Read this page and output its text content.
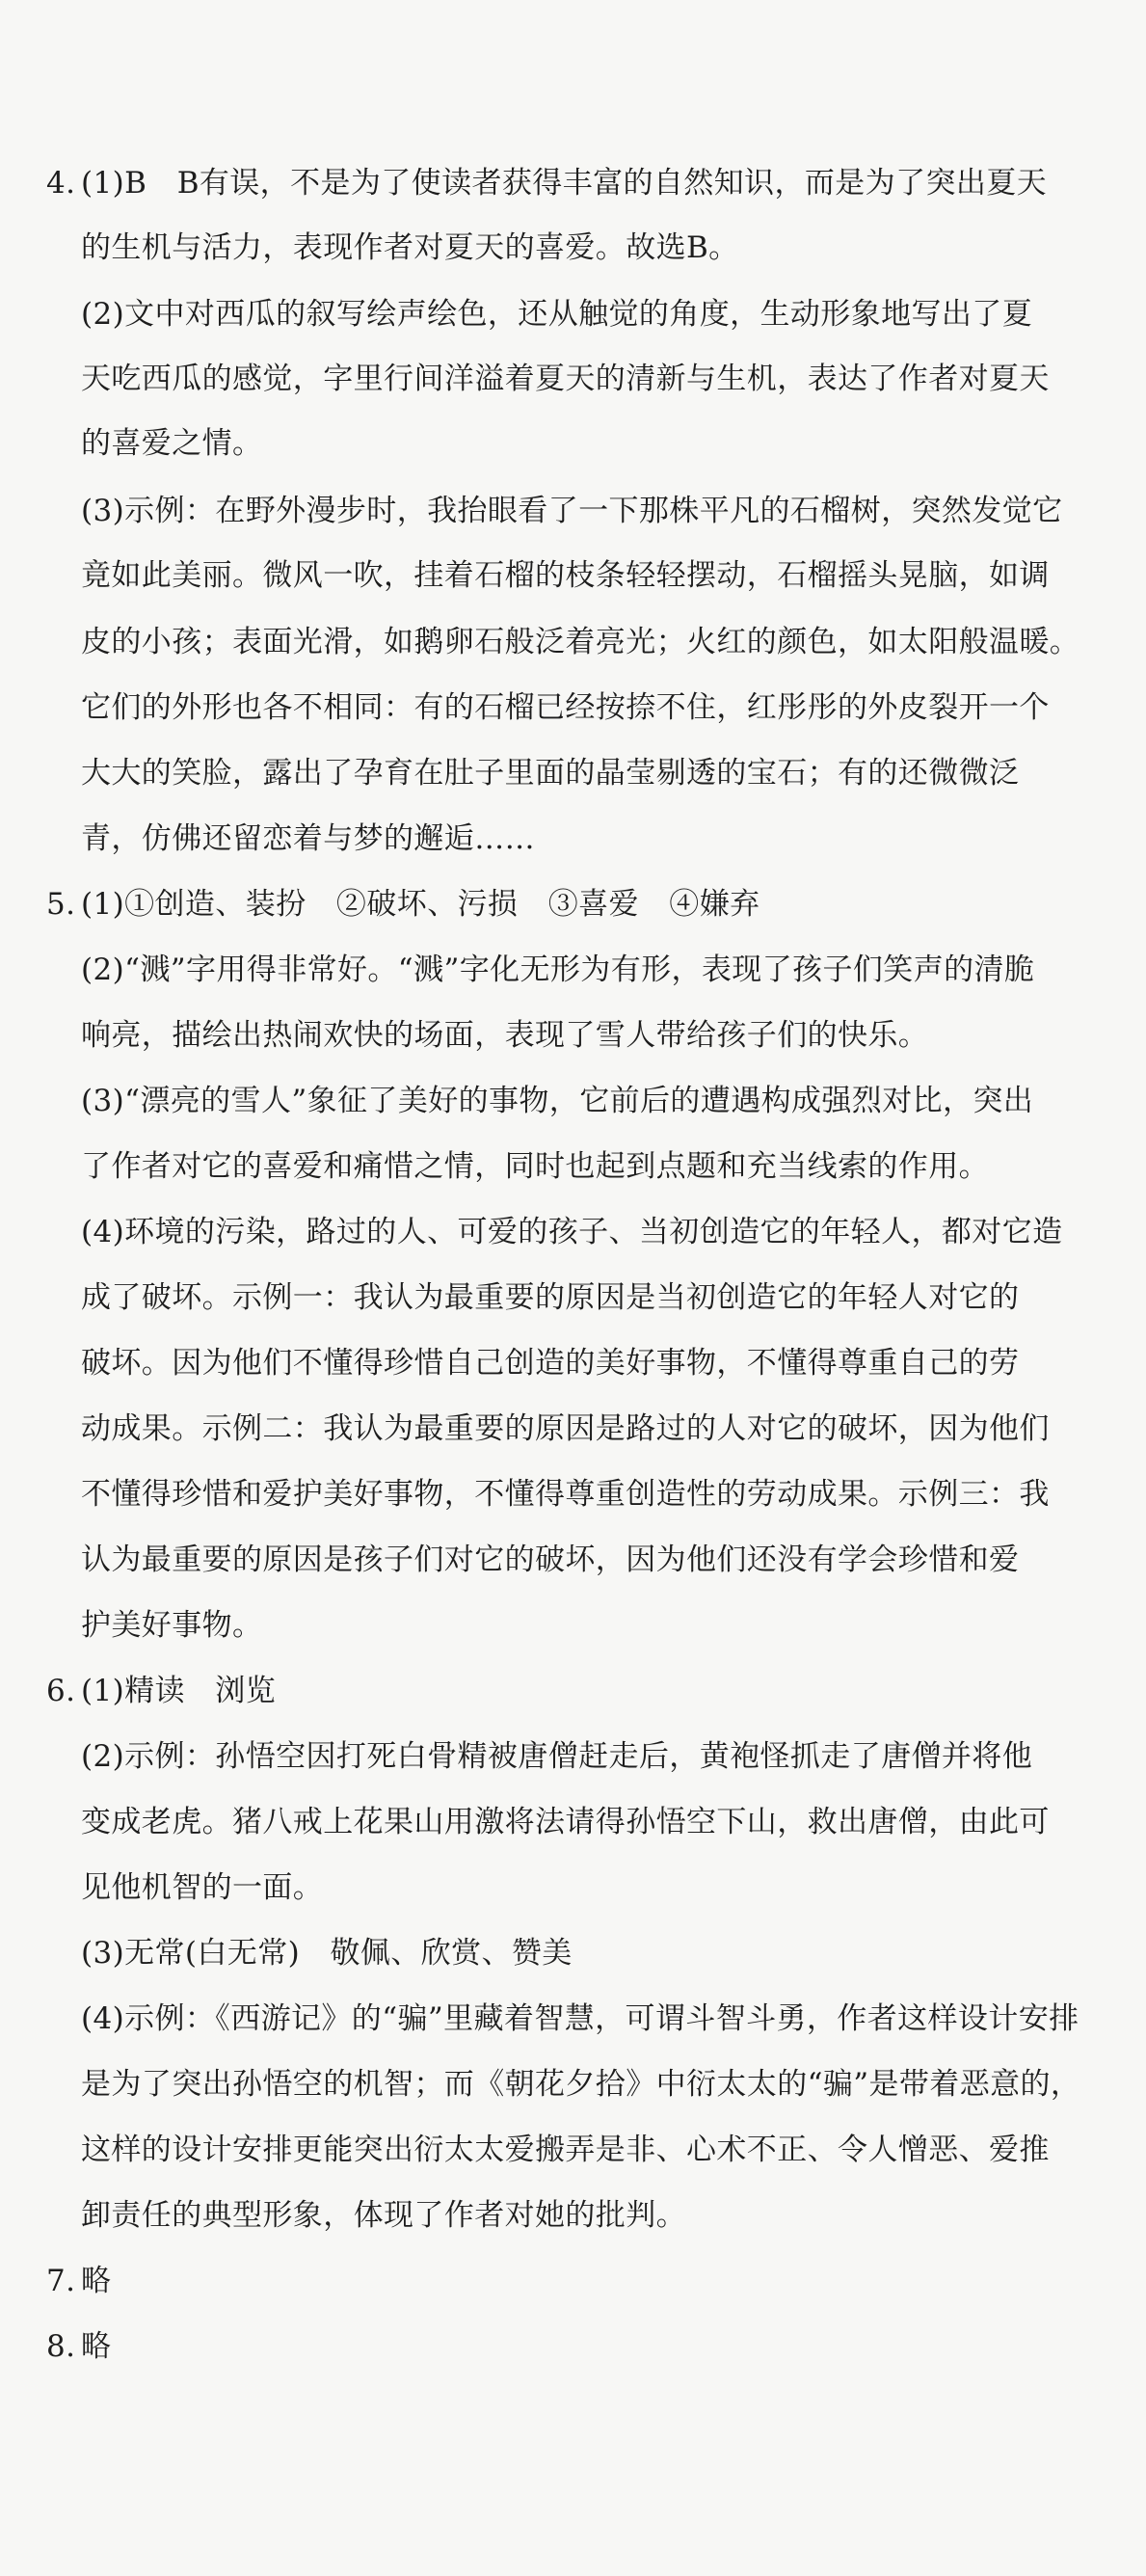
4. (1)B　B有误，不是为了使读者获得丰富的自然知识，而是为了突出夏天
的生机与活力，表现作者对夏天的喜爱。故选B。
(2)文中对西瓜的叙写绘声绘色，还从触觉的角度，生动形象地写出了夏
天吃西瓜的感觉，字里行间洋溢着夏天的清新与生机，表达了作者对夏天
的喜爱之情。
(3)示例：在野外漫步时，我抬眼看了一下那株平凡的石榴树，突然发觉它
竟如此美丽。微风一吹，挂着石榴的枝条轻轻摆动，石榴摇头晃脑，如调
皮的小孩；表面光滑，如鹅卵石般泛着亮光；火红的颜色，如太阳般温暖。
它们的外形也各不相同：有的石榴已经按捺不住，红彤彤的外皮裂开一个
大大的笑脸，露出了孕育在肚子里面的晶莹剔透的宝石；有的还微微泛
青，仿佛还留恋着与梦的邂逅……
5. (1)①创造、装扮　②破坏、污损　③喜爱　④嫌弃
(2)“溅”字用得非常好。“溅”字化无形为有形，表现了孩子们笑声的清脆
响亮，描绘出热闹欢快的场面，表现了雪人带给孩子们的快乐。
(3)“漂亮的雪人”象征了美好的事物，它前后的遭遇构成强烈对比，突出
了作者对它的喜爱和痛惜之情，同时也起到点题和充当线索的作用。
(4)环境的污染，路过的人、可爱的孩子、当初创造它的年轻人，都对它造
成了破坏。示例一：我认为最重要的原因是当初创造它的年轻人对它的
破坏。因为他们不懂得珍惜自己创造的美好事物，不懂得尊重自己的劳
动成果。示例二：我认为最重要的原因是路过的人对它的破坏，因为他们
不懂得珍惜和爱护美好事物，不懂得尊重创造性的劳动成果。示例三：我
认为最重要的原因是孩子们对它的破坏，因为他们还没有学会珍惜和爱
护美好事物。
6. (1)精读　浏览
(2)示例：孙悟空因打死白骨精被唐僧赶走后，黄袍怪抓走了唐僧并将他
变成老虎。猪八戒上花果山用激将法请得孙悟空下山，救出唐僧，由此可
见他机智的一面。
(3)无常(白无常)　敬佩、欣赏、赞美
(4)示例：《西游记》的“骗”里藏着智慧，可谓斗智斗勇，作者这样设计安排
是为了突出孙悟空的机智；而《朝花夕拾》中衍太太的“骗”是带着恶意的，
这样的设计安排更能突出衍太太爱搬弄是非、心术不正、令人憎恶、爱推
卸责任的典型形象，体现了作者对她的批判。
7. 略
8. 略
